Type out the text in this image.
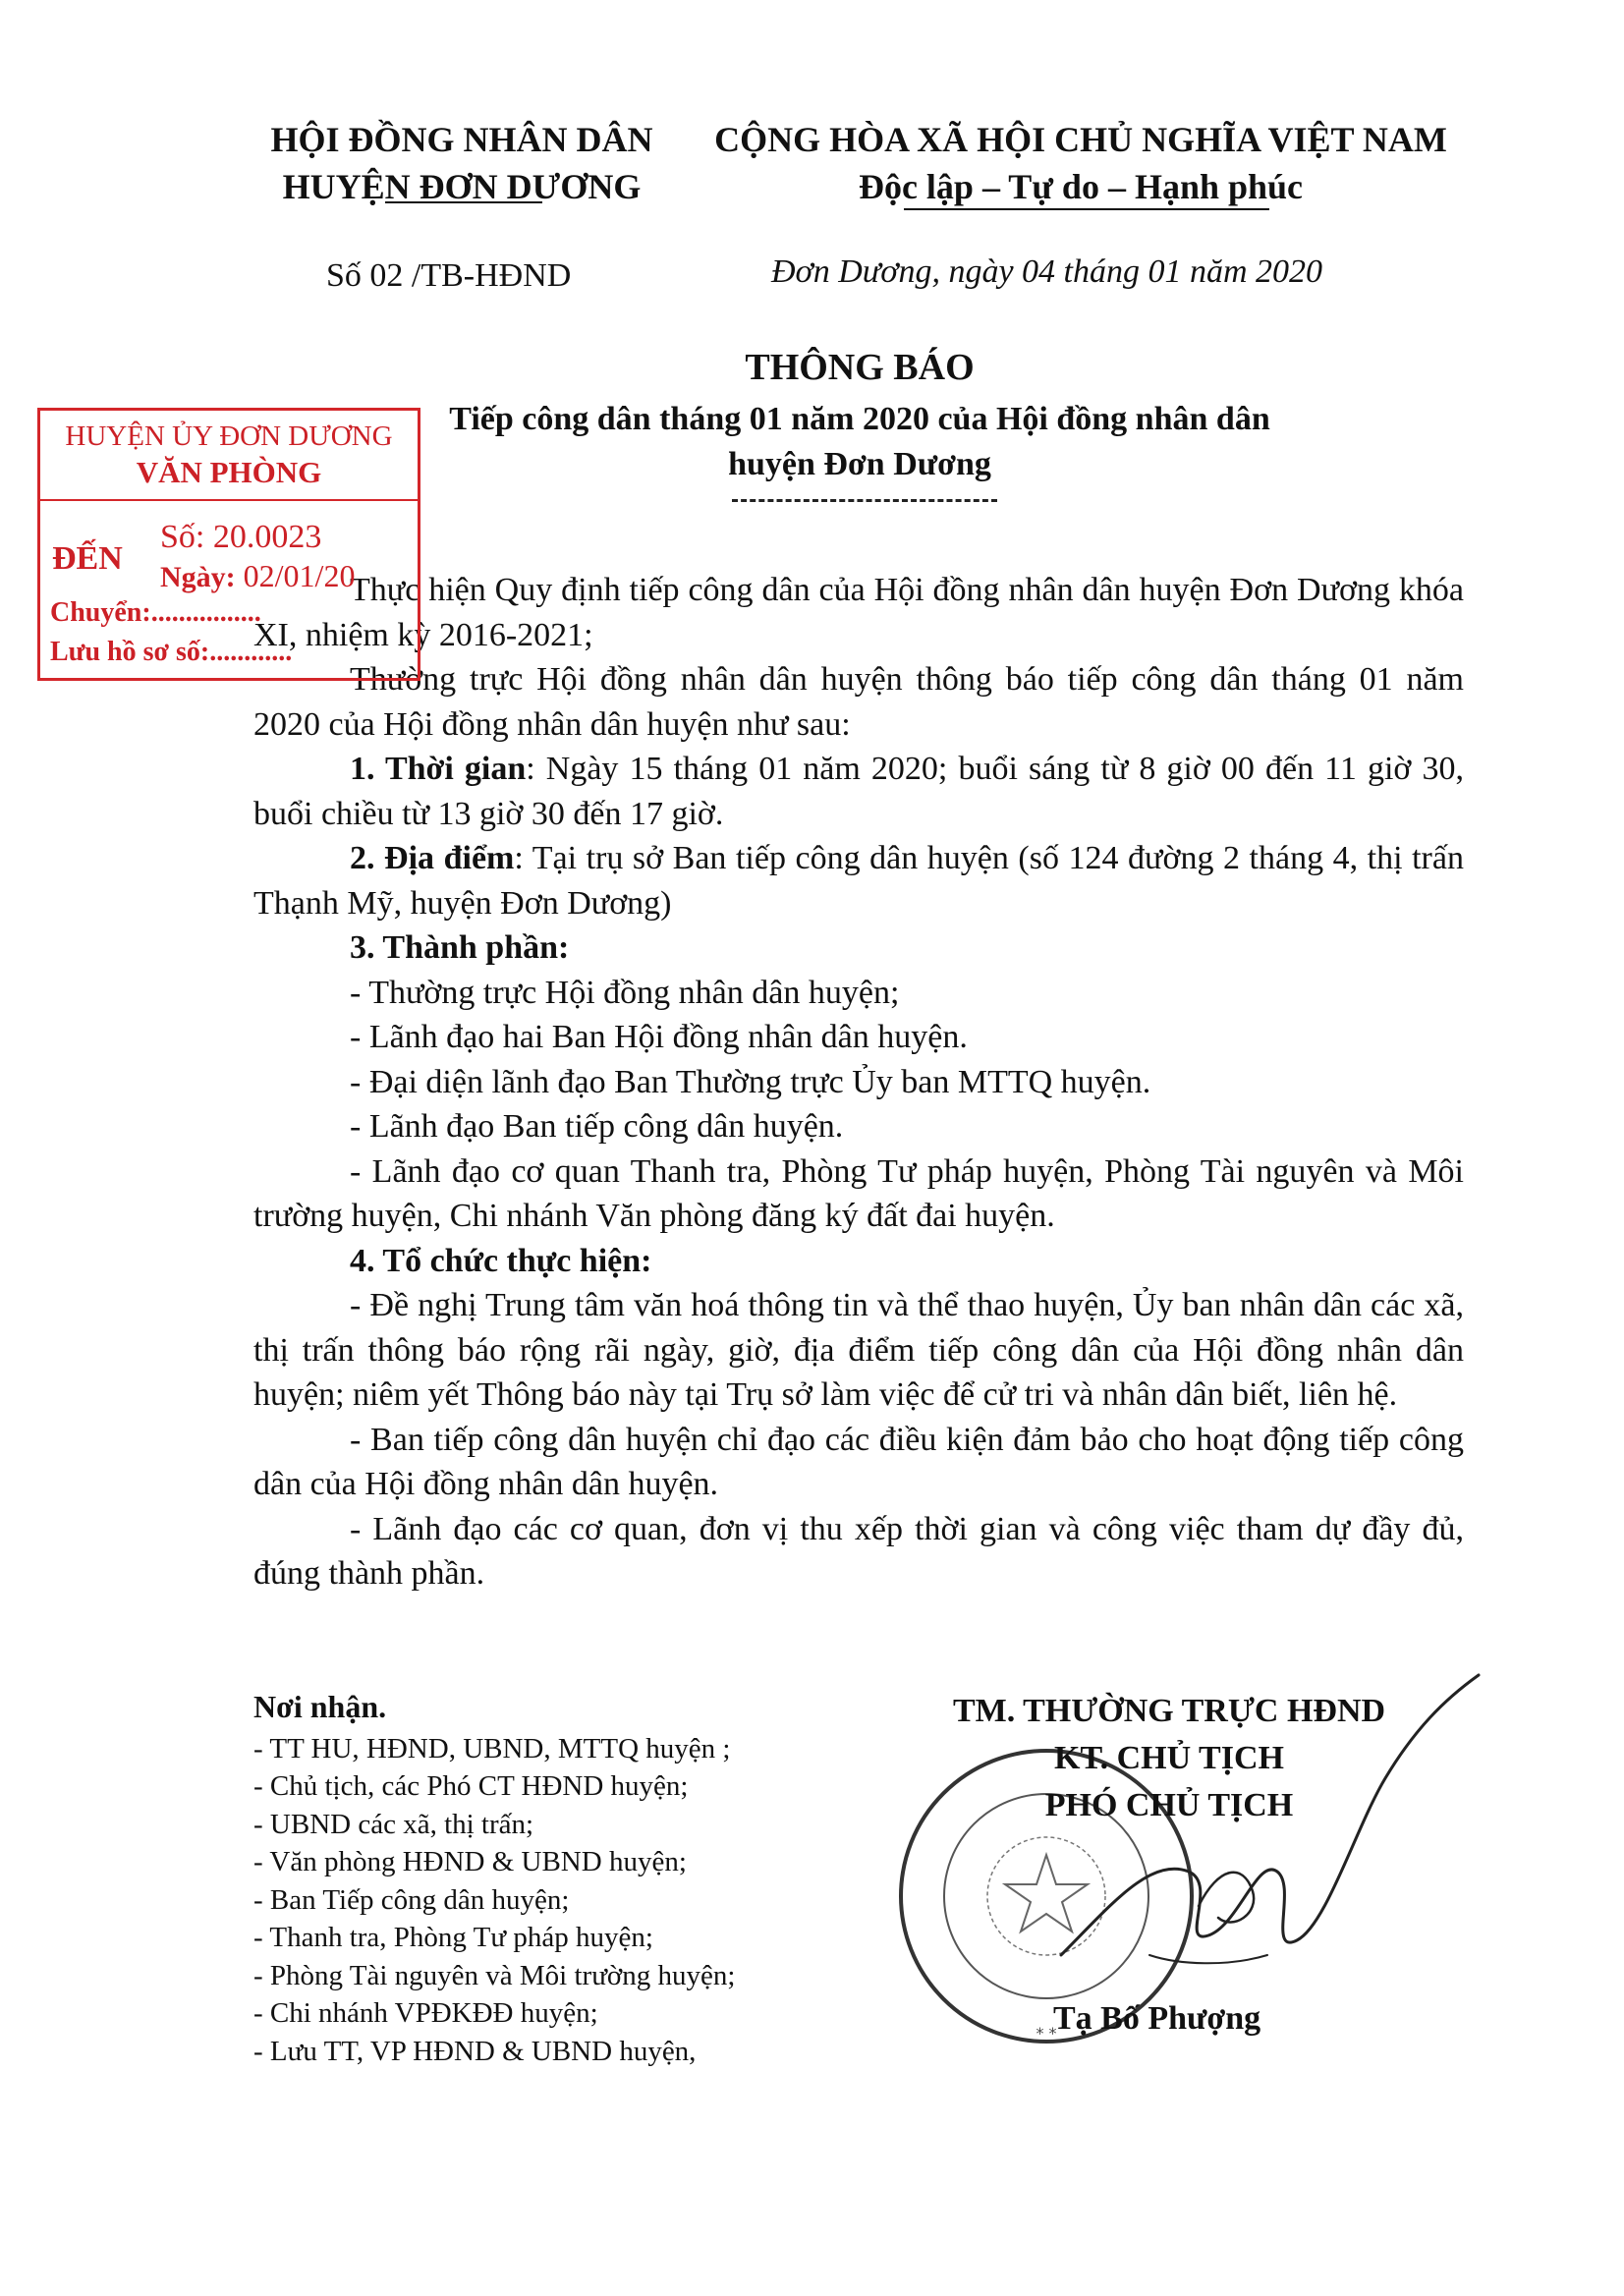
HỘI ĐỒNG NHÂN DÂN
HUYỆN ĐƠN DƯƠNG
CỘNG HÒA XÃ HỘI CHỦ NGHĨA VIỆT NAM
Độc lập – Tự do – Hạnh phúc
Số 02 /TB-HĐND	Đơn Dương, ngày 04 tháng 01 năm 2020
THÔNG BÁO
Tiếp công dân tháng 01 năm 2020 của Hội đồng nhân dân
huyện Đơn Dương

Thực hiện Quy định tiếp công dân của Hội đồng nhân dân huyện Đơn Dương khóa XI, nhiệm kỳ 2016-2021;

Thường trực Hội đồng nhân dân huyện thông báo tiếp công dân tháng 01 năm 2020 của Hội đồng nhân dân huyện như sau:

1. Thời gian: Ngày 15 tháng 01 năm 2020; buổi sáng từ 8 giờ 00 đến 11 giờ 30, buổi chiều từ 13 giờ 30 đến 17 giờ.

2. Địa điểm: Tại trụ sở Ban tiếp công dân huyện (số 124 đường 2 tháng 4, thị trấn Thạnh Mỹ, huyện Đơn Dương)

3. Thành phần:

- Thường trực Hội đồng nhân dân huyện;

- Lãnh đạo hai Ban Hội đồng nhân dân huyện.

- Đại diện lãnh đạo Ban Thường trực Ủy ban MTTQ huyện.

- Lãnh đạo Ban tiếp công dân huyện.

- Lãnh đạo cơ quan Thanh tra, Phòng Tư pháp huyện, Phòng Tài nguyên và Môi trường huyện, Chi nhánh Văn phòng đăng ký đất đai huyện.

4. Tổ chức thực hiện:

- Đề nghị Trung tâm văn hoá thông tin và thể thao huyện, Ủy ban nhân dân các xã, thị trấn thông báo rộng rãi ngày, giờ, địa điểm tiếp công dân của Hội đồng nhân dân huyện; niêm yết Thông báo này tại Trụ sở làm việc để cử tri và nhân dân biết, liên hệ.

- Ban tiếp công dân huyện chỉ đạo các điều kiện đảm bảo cho hoạt động tiếp công dân của Hội đồng nhân dân huyện.

- Lãnh đạo các cơ quan, đơn vị thu xếp thời gian và công việc tham dự đầy đủ, đúng thành phần.

HUYỆN ỦY ĐƠN DƯƠNG
VĂN PHÒNG
ĐẾN
Số: 20.0023
Ngày: 02/01/20
Chuyển:................
Lưu hồ sơ số:............
Nơi nhận.
- TT HU, HĐND, UBND, MTTQ huyện ;
- Chủ tịch, các Phó CT HĐND huyện;
- UBND các xã, thị trấn;
- Văn phòng HĐND & UBND huyện;
- Ban Tiếp công dân huyện;
- Thanh tra, Phòng Tư pháp huyện;
- Phòng Tài nguyên và Môi trường huyện;
- Chi nhánh VPĐKĐĐ huyện;
- Lưu TT, VP HĐND & UBND huyện,
* *
TM. THƯỜNG TRỰC HĐND
KT. CHỦ TỊCH
PHÓ CHỦ TỊCH
Tạ Bố Phượng
